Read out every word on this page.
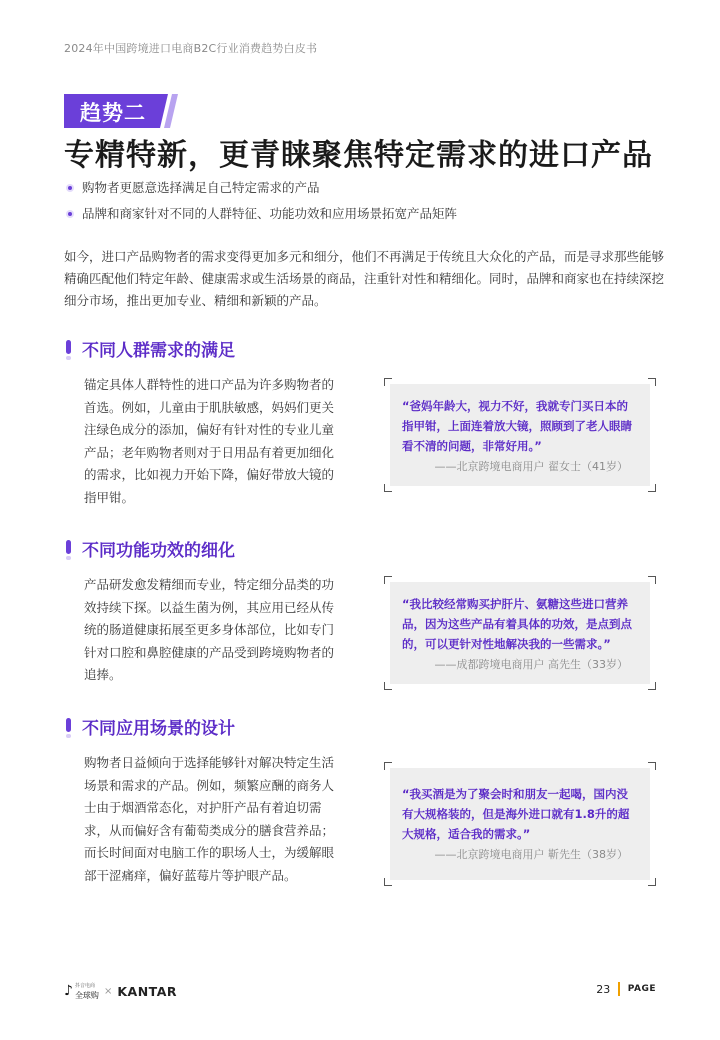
2024年中国跨境进口电商B2C行业消费趋势白皮书
趋势二
专精特新，更青睐聚焦特定需求的进口产品
购物者更愿意选择满足自己特定需求的产品
品牌和商家针对不同的人群特征、功能功效和应用场景拓宽产品矩阵
如今，进口产品购物者的需求变得更加多元和细分，他们不再满足于传统且大众化的产品，而是寻求那些能够精确匹配他们特定年龄、健康需求或生活场景的商品，注重针对性和精细化。同时，品牌和商家也在持续深挖细分市场，推出更加专业、精细和新颖的产品。
不同人群需求的满足
锚定具体人群特性的进口产品为许多购物者的首选。例如，儿童由于肌肤敏感，妈妈们更关注绿色成分的添加，偏好有针对性的专业儿童产品；老年购物者则对于日用品有着更加细化的需求，比如视力开始下降，偏好带放大镜的指甲钳。
“爸妈年龄大，视力不好，我就专门买日本的指甲钳，上面连着放大镜，照顾到了老人眼睛看不清的问题，非常好用。”
——北京跨境电商用户 翟女士（41岁）
不同功能功效的细化
产品研发愈发精细而专业，特定细分品类的功效持续下探。以益生菌为例，其应用已经从传统的肠道健康拓展至更多身体部位，比如专门针对口腔和鼻腔健康的产品受到跨境购物者的追捧。
“我比较经常购买护肝片、氨糖这些进口营养品，因为这些产品有着具体的功效，是点到点的，可以更针对性地解决我的一些需求。”
——成都跨境电商用户 高先生（33岁）
不同应用场景的设计
购物者日益倾向于选择能够针对解决特定生活场景和需求的产品。例如，频繁应酬的商务人士由于烟酒常态化，对护肝产品有着迫切需求，从而偏好含有葡萄类成分的膳食营养品；而长时间面对电脑工作的职场人士，为缓解眼部干涩痛痒，偏好蓝莓片等护眼产品。
“我买酒是为了聚会时和朋友一起喝，国内没有大规格装的，但是海外进口就有1.8升的超大规格，适合我的需求。”
——北京跨境电商用户 靳先生（38岁）
♪ 抖音电商
全球购 × KANTAR	23 PAGE
